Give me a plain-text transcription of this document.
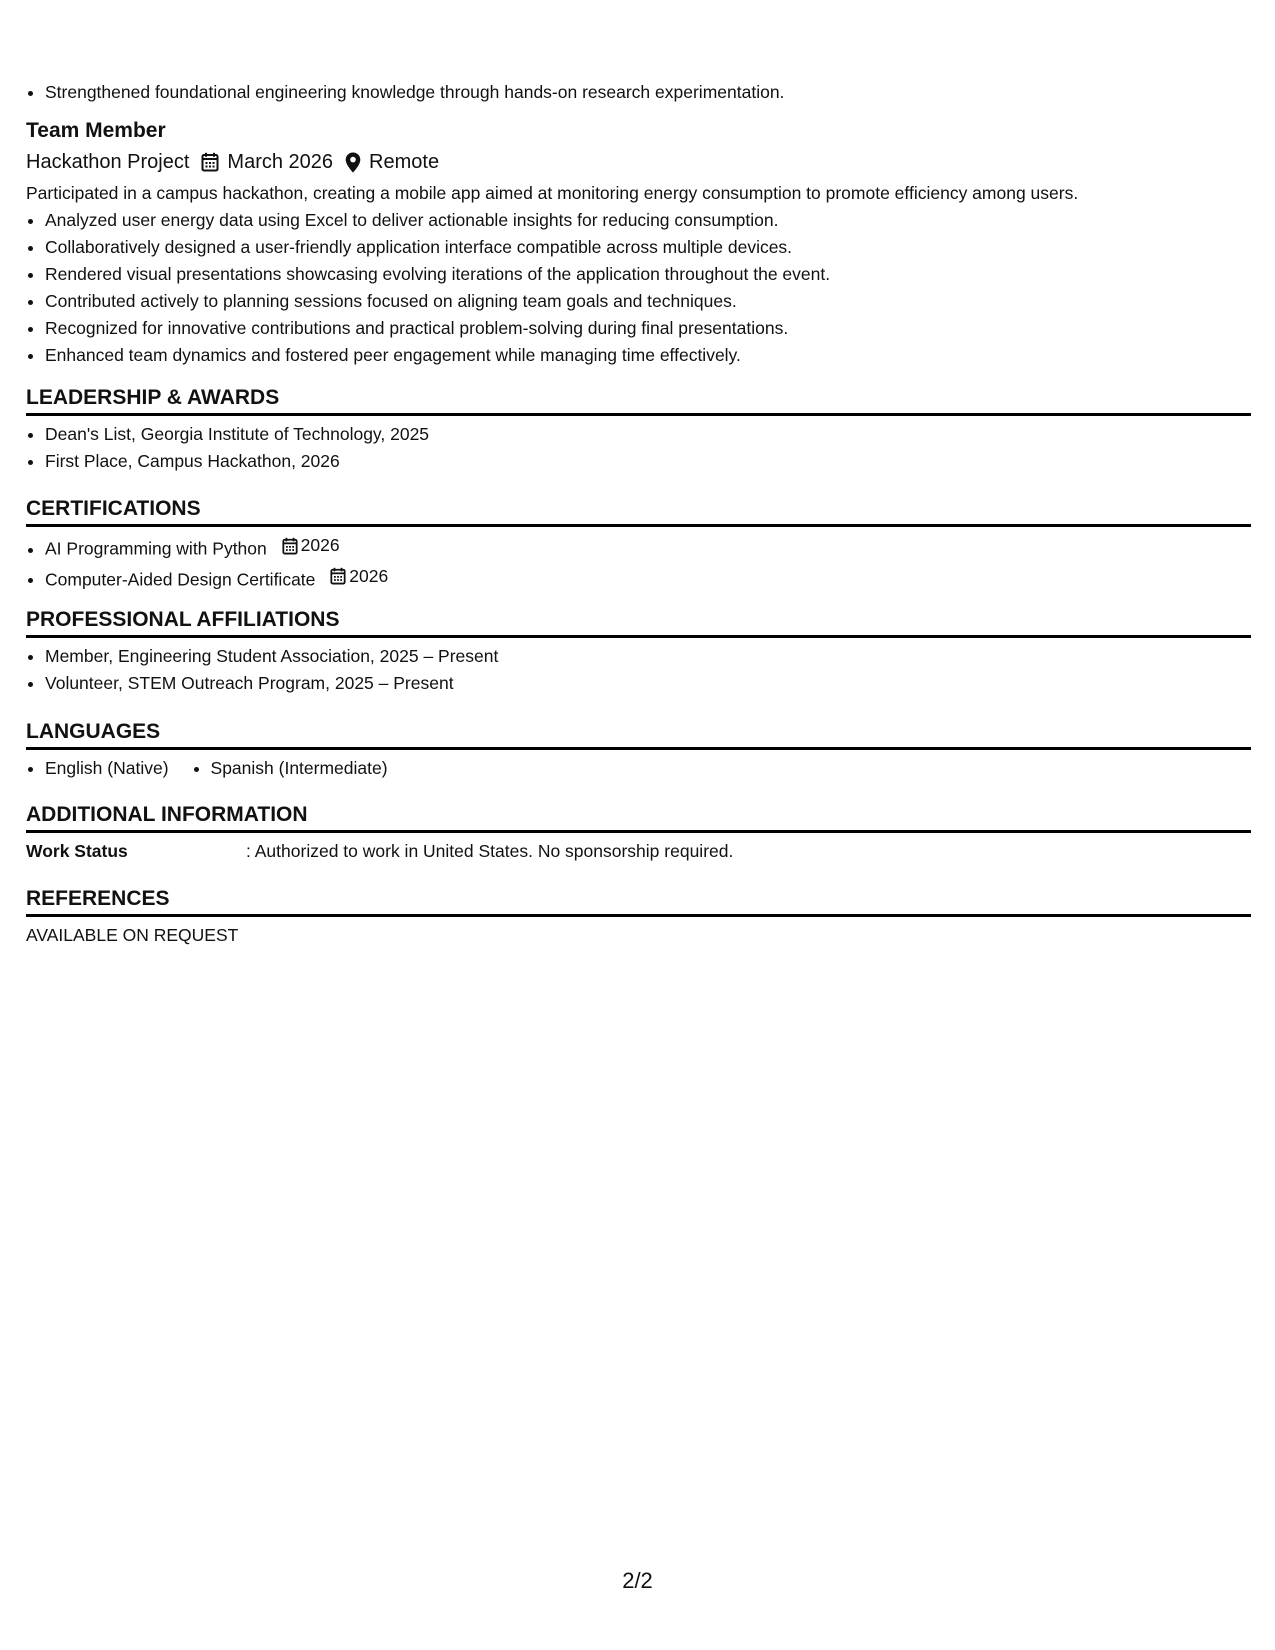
• Strengthened foundational engineering knowledge through hands-on research experimentation.
Team Member
Hackathon Project March 2026 Remote
Participated in a campus hackathon, creating a mobile app aimed at monitoring energy consumption to promote efficiency among users.
• Analyzed user energy data using Excel to deliver actionable insights for reducing consumption.
• Collaboratively designed a user-friendly application interface compatible across multiple devices.
• Rendered visual presentations showcasing evolving iterations of the application throughout the event.
• Contributed actively to planning sessions focused on aligning team goals and techniques.
• Recognized for innovative contributions and practical problem-solving during final presentations.
• Enhanced team dynamics and fostered peer engagement while managing time effectively.
LEADERSHIP & AWARDS
• Dean's List, Georgia Institute of Technology, 2025
• First Place, Campus Hackathon, 2026
CERTIFICATIONS
• AI Programming with Python 2026
• Computer-Aided Design Certificate 2026
PROFESSIONAL AFFILIATIONS
• Member, Engineering Student Association, 2025 – Present
• Volunteer, STEM Outreach Program, 2025 – Present
LANGUAGES
• English (Native)
• Spanish (Intermediate)
ADDITIONAL INFORMATION
Work Status	: Authorized to work in United States. No sponsorship required.
REFERENCES
AVAILABLE ON REQUEST
2/2
